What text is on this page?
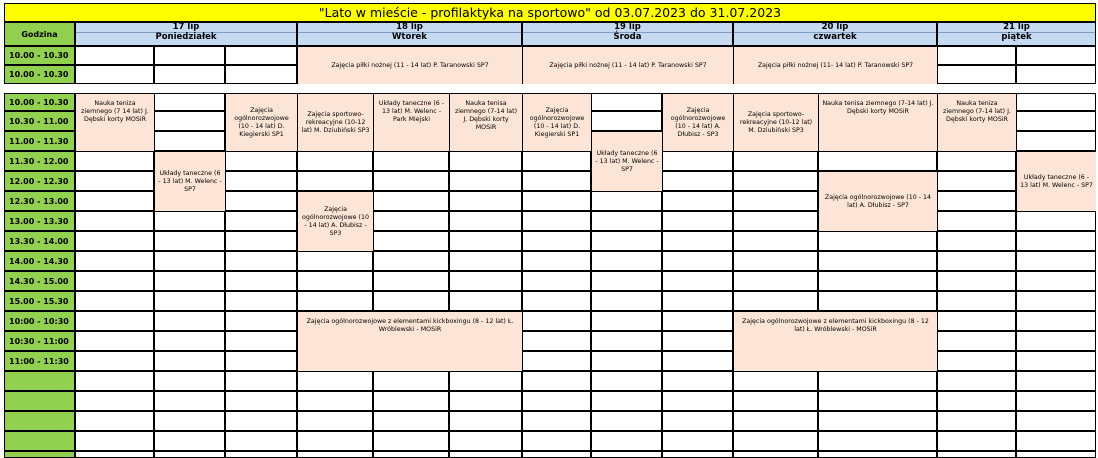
"Lato w mieście - profilaktyka na sportowo" od 03.07.2023 do 31.07.2023
Godzina
17 lip
Poniedziałek
18 lip
Wtorek
19 lip
Środa
20 lip
czwartek
21 lip
piątek
10.00 - 10.30
10.00 - 10.30
10.00 - 10.30
10.30 - 11.00
11.00 - 11.30
11.30 - 12.00
12.00 - 12.30
12.30 - 13.00
13.00 - 13.30
13.30 - 14.00
14.00 - 14.30
14.30 - 15.00
15.00 - 15.30
10:00 - 10:30
10:30 - 11:00
11:00 - 11:30
Zajęcia piłki nożnej (11 - 14 lat) P. Taranowski SP7	Zajęcia piłki nożnej (11 - 14 lat) P. Taranowski SP7	Zajęcia piłki nożnej (11- 14 lat) P. Taranowski SP7
Nauka teniza ziemnego (7 14 lat) J. Dębski korty MOSiR
Zajęcia ogólnorozwojowe (10 - 14 lat) D. Kiegierski SP1
Układy taneczne (6 - 13 lat) M. Welenc - SP7
Zajęcia sportowo-rekreacyjne (10-12 lat) M. Dziubiński SP3
Układy taneczne (6 - 13 lat) M. Welenc - Park Miejski
Nauka tenisa ziemnego (7-14 lat) J. Dębski korty MOSiR
Zajęcia ogólnorozwojowe (10 - 14 lat) A. Dłubisz - SP3
Zajęcia ogólnorozwojowe (10 - 14 lat) D. Kiegierski SP1
Układy taneczne (6 - 13 lat) M. Welenc - SP7
Zajęcia ogólnorozwojowe (10 - 14 lat) A. Dłubisz - SP3
Zajęcia sportowo-rekreacyjne (10-12 lat) M. Dziubiński SP3
Nauka tenisa ziemnego (7-14 lat) J. Dębski korty MOSiR
Zajęcia ogólnorozwojowe (10 - 14 lat) A. Dłubisz - SP7
Nauka teniza ziemnego (7-14 lat) J. Dębski korty MOSiR
Układy taneczne (6 - 13 lat) M. Welenc - SP7
Zajęcia ogólnorozwojowe z elementami kickboxingu (8 - 12 lat) Ł. Wróblewski - MOSiR
Zajęcia ogólnorozwojowe z elementami kickboxingu (8 - 12 lat) Ł. Wróblewski - MOSiR
